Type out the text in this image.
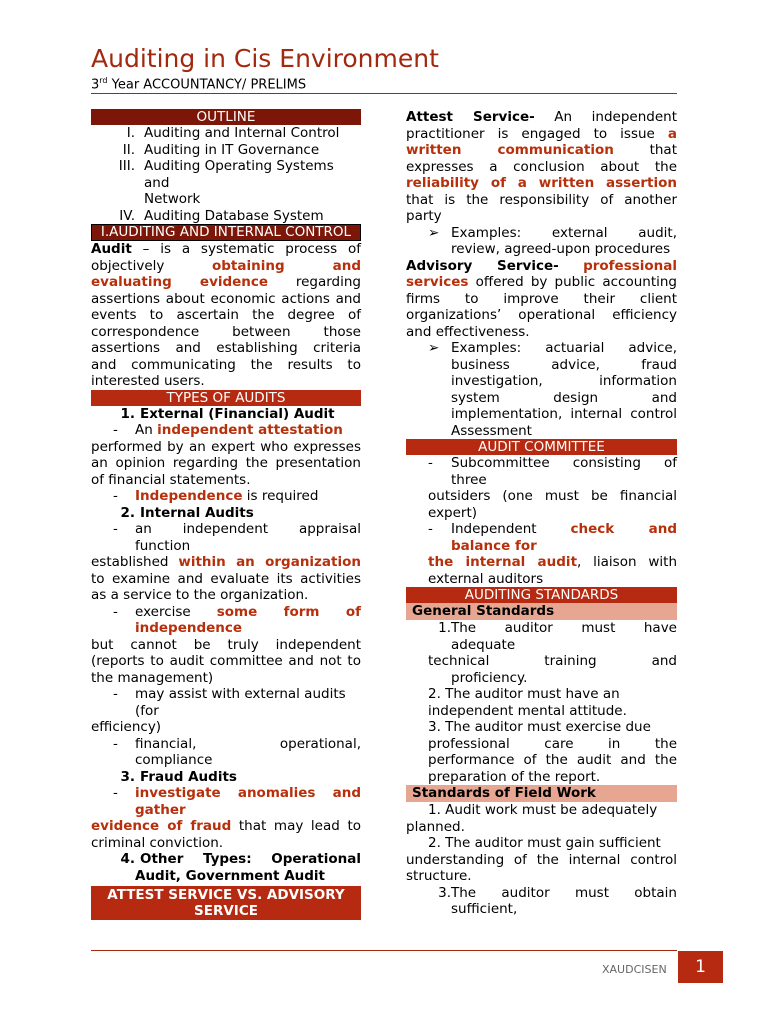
Auditing in Cis Environment
3rd Year ACCOUNTANCY/ PRELIMS
OUTLINE
I. Auditing and Internal Control
II. Auditing in IT Governance
III. Auditing Operating Systems and
Network
IV. Auditing Database System
I.AUDITING AND INTERNAL CONTROL
Audit – is a systematic process of
objectively	obtaining and
evaluating evidence regarding
assertions about economic actions and
events to ascertain the degree of
correspondence between those
assertions and establishing criteria
and communicating the results to
interested users.
TYPES OF AUDITS
1. External (Financial) Audit
-	An independent attestation
performed by an expert who expresses
an opinion regarding the presentation
of financial statements.
-	Independence is required
2. Internal Audits
-	an independent appraisal
function
established within an organization
to examine and evaluate its activities
as a service to the organization.
-	exercise some form of
independence
but cannot be truly independent
(reports to audit committee and not to
the management)
-	may assist with external audits
(for
efficiency)
-	financial,	operational,
compliance
3. Fraud Audits
-	investigate anomalies and
gather
evidence of fraud that may lead to
criminal conviction.
4. Other Types: Operational
Audit, Government Audit
ATTEST SERVICE VS. ADVISORY
SERVICE
Attest Service- An independent
practitioner is engaged to issue a
written communication	that
expresses a conclusion about the
reliability of a written assertion
that is the responsibility of another
party
➢ Examples: external audit,
review, agreed-upon procedures
Advisory Service- professional
services offered by public accounting
firms to improve their client
organizations’ operational efficiency
and effectiveness.
➢ Examples: actuarial advice,
business advice, fraud
investigation, information
system design and
implementation, internal control
Assessment
AUDIT COMMITTEE
-	Subcommittee consisting of
three
outsiders (one must be financial
expert)
-	Independent	check and
balance for
the internal audit, liaison with
external auditors
AUDITING STANDARDS
General Standards
1. The auditor must have
adequate
technical training and
proficiency.
2. The auditor must have an
independent mental attitude.
3. The auditor must exercise due
professional care in the
performance of the audit and the
preparation of the report.
Standards of Field Work
1. Audit work must be adequately
planned.
2. The auditor must gain sufficient
understanding of the internal control
structure.
3. The auditor must obtain
sufficient,
XAUDCISEN	1
